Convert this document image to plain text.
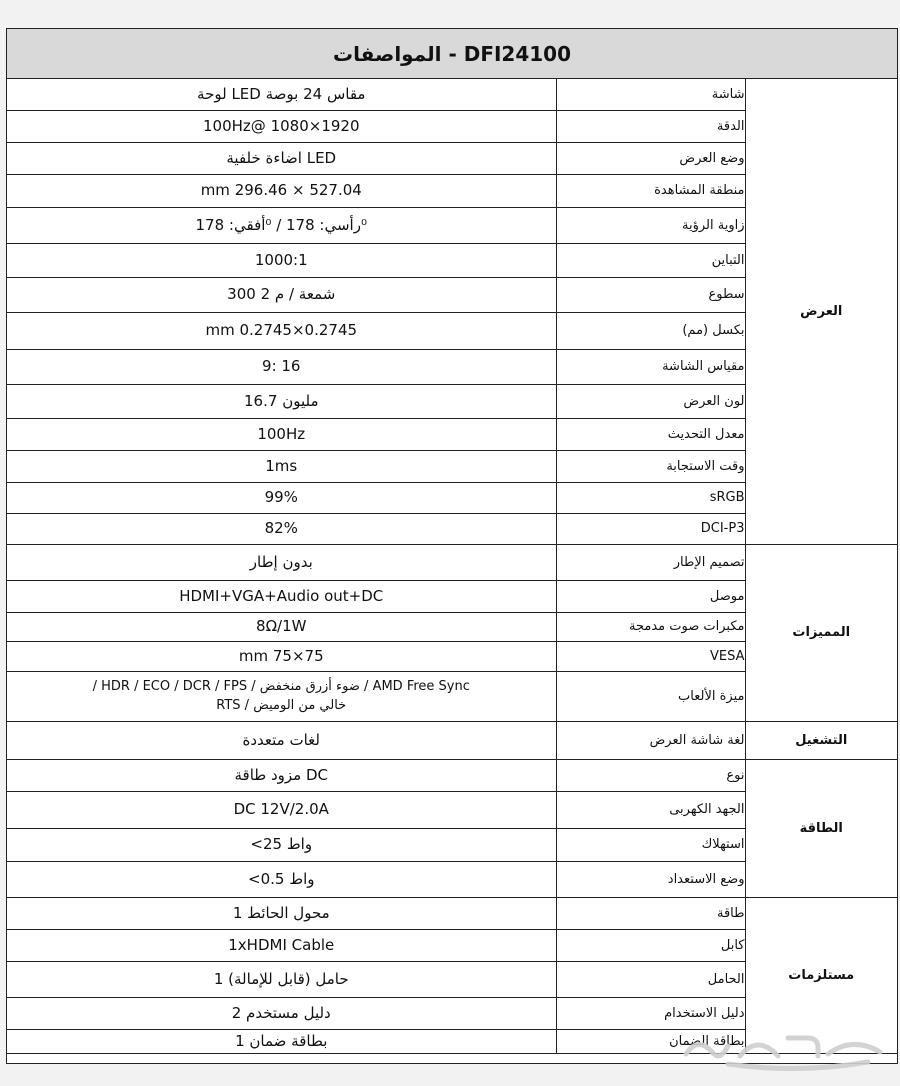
DFI24100 - المواصفات
العرض	شاشة	مقاس 24 بوصة LED لوحة
	الدقة	1920×1080 @100Hz
	وضع العرض	LED اضاءة خلفية
	منطقة المشاهدة	527.04 × 296.46 mm
	زاوية الرؤية	⁰رأسي: 178 / ⁰أفقي: 178
	التباين	1000:1
	سطوع	شمعة / م 2 300
	بكسل (مم)	0.2745×0.2745 mm
	مقياس الشاشة	16 :9
	لون العرض	مليون 16.7
	معدل التحديث	100Hz
	وقت الاستجابة	1ms
	sRGB	99%
	DCI-P3	82%
المميزات	تصميم الإطار	بدون إطار
	موصل	HDMI+VGA+Audio out+DC
	مكبرات صوت مدمجة	8Ω/1W
	VESA	75×75 mm
	ميزة الألعاب	AMD Free Sync / ضوء أزرق منخفض / HDR / ECO / DCR / FPS /
خالي من الوميض / RTS

التشغيل	لغة شاشة العرض	لغات متعددة
الطاقة	نوع	DC مزود طاقة
	الجهد الكهربى	DC 12V/2.0A
	استهلاك	واط 25>
	وضع الاستعداد	واط 0.5>
مستلزمات	طاقة	محول الحائط 1
	كابل	1xHDMI Cable
	الحامل	حامل (قابل للإمالة) 1
	دليل الاستخدام	دليل مستخدم 2
	بطاقة الضمان	بطاقة ضمان 1
